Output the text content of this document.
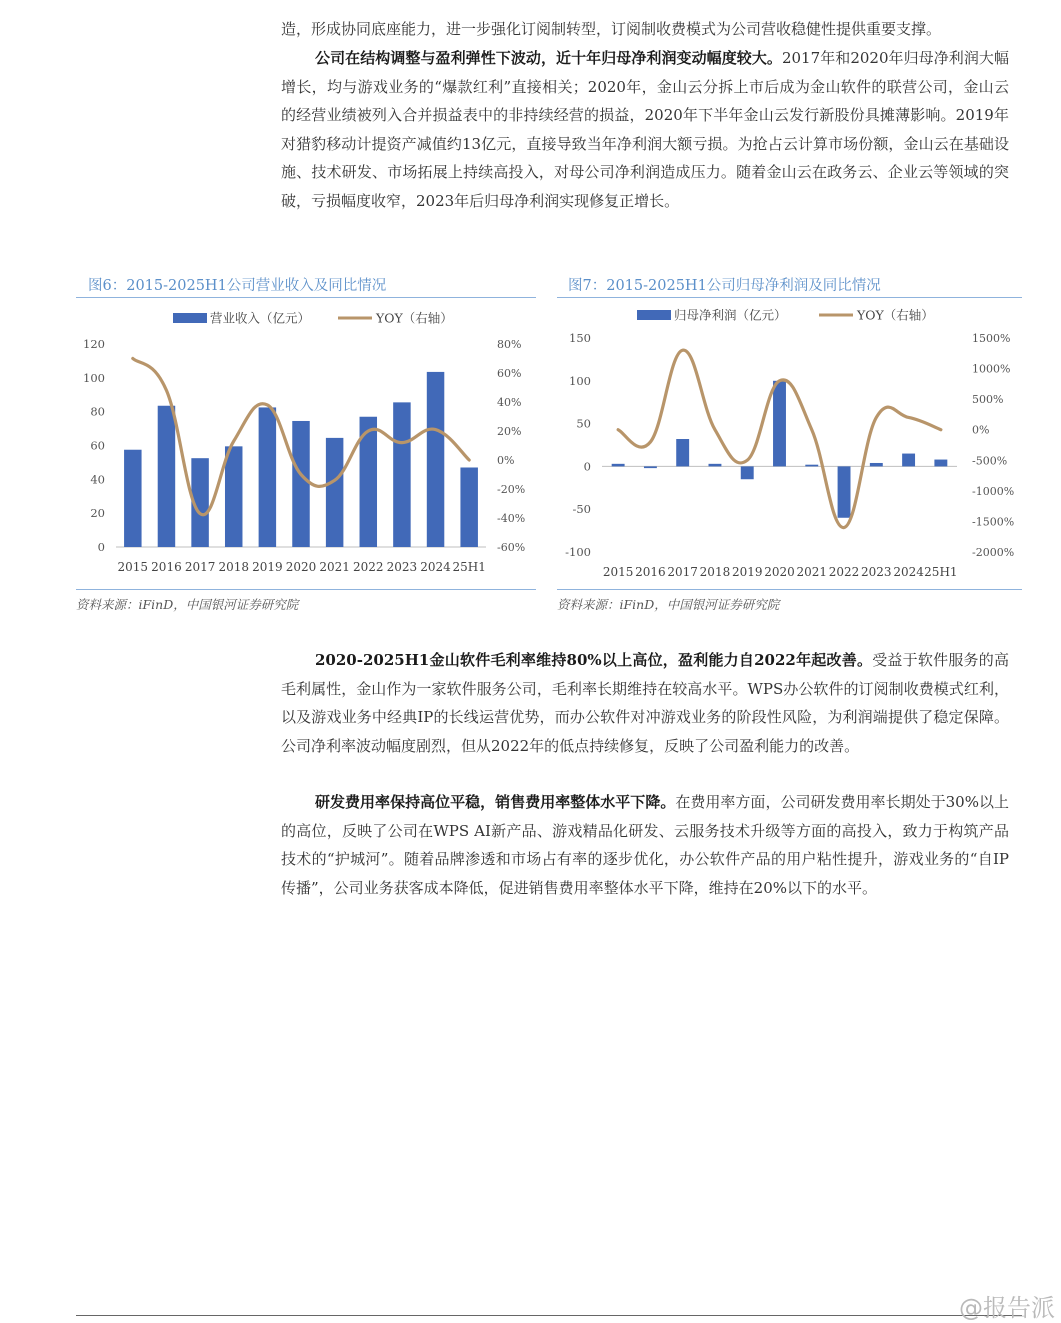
造，形成协同底座能力，进一步强化订阅制转型，订阅制收费模式为公司营收稳健性提供重要支撑。

公司在结构调整与盈利弹性下波动，近十年归母净利润变动幅度较大。2017年和2020年归母净利润大幅增长，均与游戏业务的“爆款红利”直接相关；2020年，金山云分拆上市后成为金山软件的联营公司，金山云的经营业绩被列入合并损益表中的非持续经营的损益，2020年下半年金山云发行新股份具摊薄影响。2019年对猎豹移动计提资产减值约13亿元，直接导致当年净利润大额亏损。为抢占云计算市场份额，金山云在基础设施、技术研发、市场拓展上持续高投入，对母公司净利润造成压力。随着金山云在政务云、企业云等领域的突破，亏损幅度收窄，2023年后归母净利润实现修复正增长。

图6：2015-2025H1公司营业收入及同比情况
营业收入（亿元）	YOY（右轴）
0
20
40
60
80
100
120
-60%
-40%
-20%
0%
20%
40%
60%
80%
2015 2016 2017 2018 2019 2020 2021 2022 2023 2024 25H1
资料来源：iFinD，中国银河证券研究院
图7：2015-2025H1公司归母净利润及同比情况
归母净利润（亿元）	YOY（右轴）
-100
-50
0
50
100
150
-2000%
-1500%
-1000%
-500%
0%
500%
1000%
1500%
2015 2016 2017 2018 2019 2020 2021 2022 2023 2024 25H1
资料来源：iFinD，中国银河证券研究院

2020-2025H1金山软件毛利率维持80%以上高位，盈利能力自2022年起改善。受益于软件服务的高毛利属性，金山作为一家软件服务公司，毛利率长期维持在较高水平。WPS办公软件的订阅制收费模式红利，以及游戏业务中经典IP的长线运营优势，而办公软件对冲游戏业务的阶段性风险，为利润端提供了稳定保障。公司净利率波动幅度剧烈，但从2022年的低点持续修复，反映了公司盈利能力的改善。

研发费用率保持高位平稳，销售费用率整体水平下降。在费用率方面，公司研发费用率长期处于30%以上的高位，反映了公司在WPS AI新产品、游戏精品化研发、云服务技术升级等方面的高投入，致力于构筑产品技术的“护城河”。随着品牌渗透和市场占有率的逐步优化，办公软件产品的用户粘性提升，游戏业务的“自IP传播”，公司业务获客成本降低，促进销售费用率整体水平下降，维持在20%以下的水平。

@报告派
